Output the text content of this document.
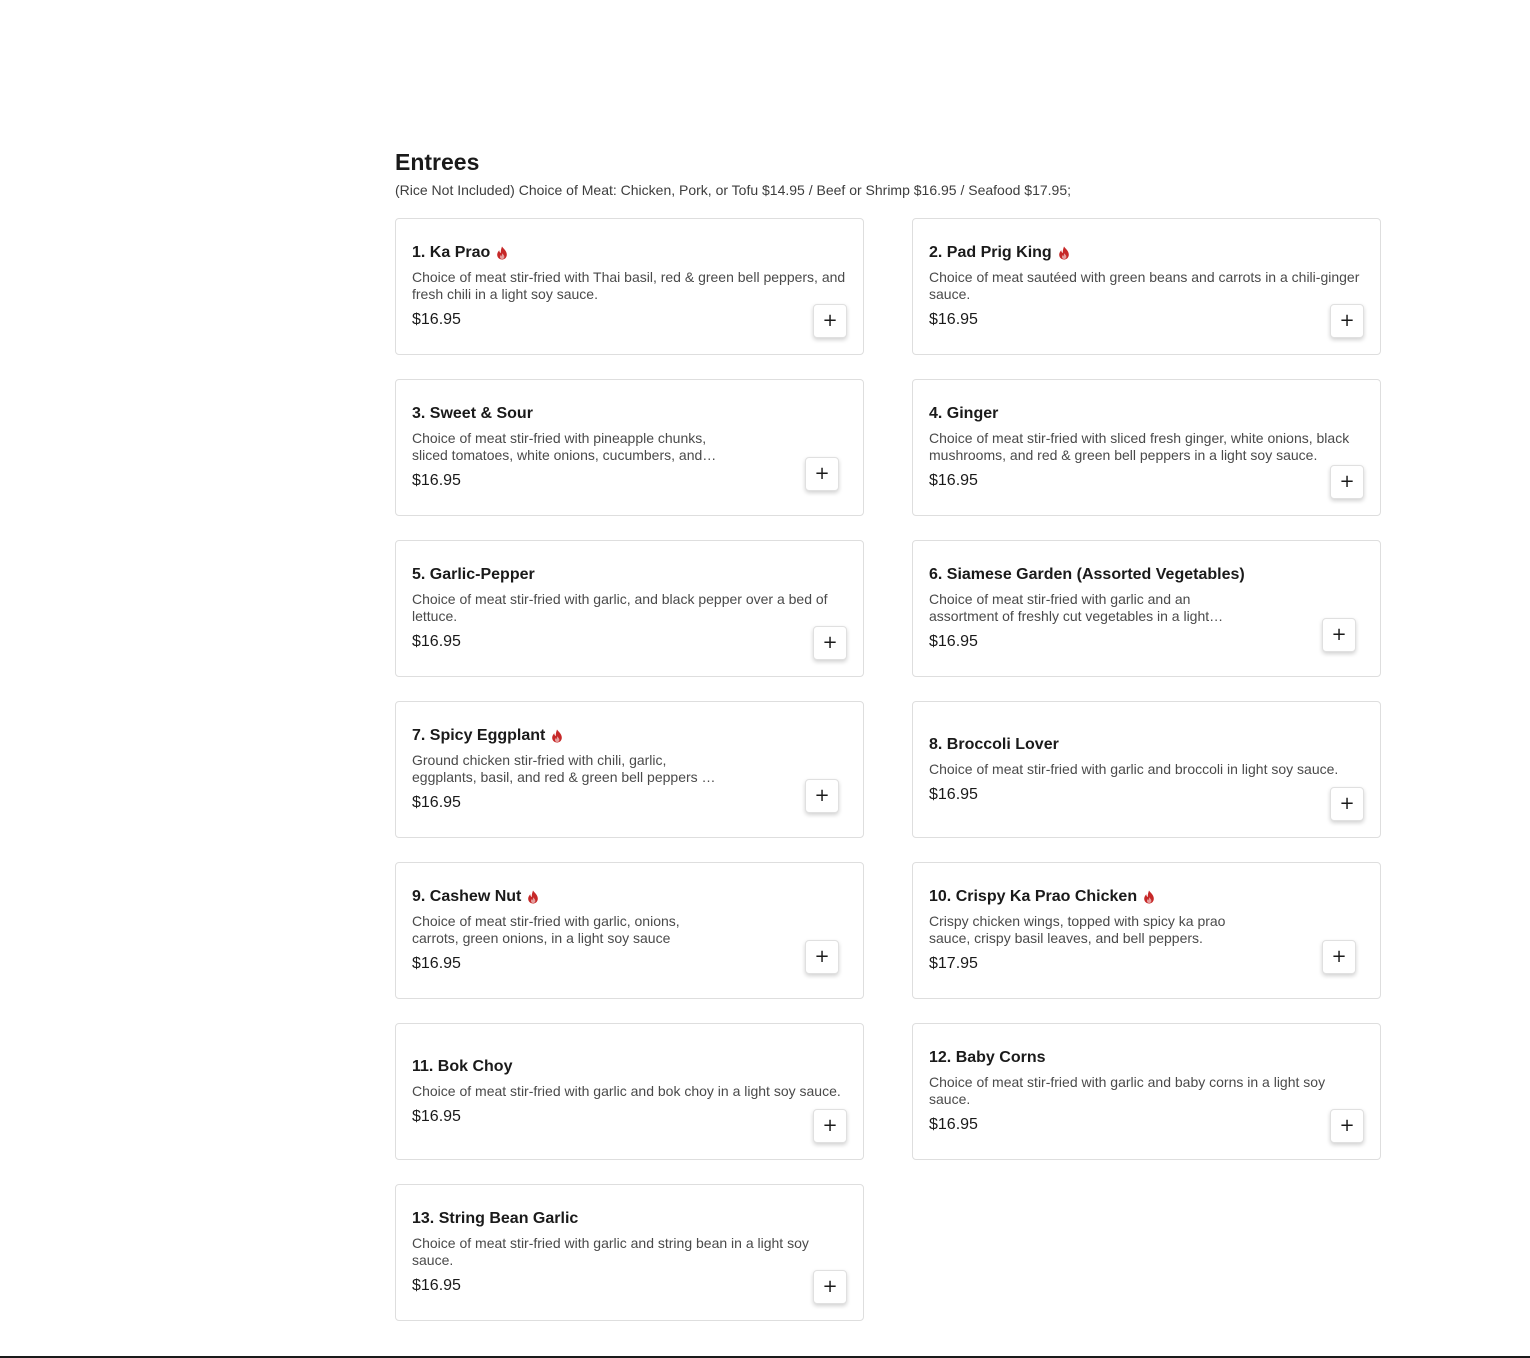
Entrees
(Rice Not Included) Choice of Meat: Chicken, Pork, or Tofu $14.95 / Beef or Shrimp $16.95 / Seafood $17.95;
1. Ka Prao
Choice of meat stir-fried with Thai basil, red & green bell peppers, and fresh chili in a light soy sauce.
$16.95	+
2. Pad Prig King
Choice of meat sautéed with green beans and carrots in a chili-ginger sauce.
$16.95	+
3. Sweet & Sour
Choice of meat stir-fried with pineapple chunks, sliced tomatoes, white onions, cucumbers, and
$16.95	+
4. Ginger
Choice of meat stir-fried with sliced fresh ginger, white onions, black mushrooms, and red & green bell peppers in a light soy sauce.
$16.95	+
5. Garlic-Pepper
Choice of meat stir-fried with garlic, and black pepper over a bed of lettuce.
$16.95	+
6. Siamese Garden (Assorted Vegetables)
Choice of meat stir-fried with garlic and an assortment of freshly cut vegetables in a light
$16.95	+
7. Spicy Eggplant
Ground chicken stir-fried with chili, garlic, eggplants, basil, and red & green bell peppers in
$16.95	+
8. Broccoli Lover
Choice of meat stir-fried with garlic and broccoli in light soy sauce.
$16.95	+
9. Cashew Nut
Choice of meat stir-fried with garlic, onions, carrots, green onions, in a light soy sauce
$16.95	+
10. Crispy Ka Prao Chicken
Crispy chicken wings, topped with spicy ka prao sauce, crispy basil leaves, and bell peppers.
$17.95	+
11. Bok Choy
Choice of meat stir-fried with garlic and bok choy in a light soy sauce.
$16.95	+
12. Baby Corns
Choice of meat stir-fried with garlic and baby corns in a light soy sauce.
$16.95	+
13. String Bean Garlic
Choice of meat stir-fried with garlic and string bean in a light soy sauce.
$16.95	+
